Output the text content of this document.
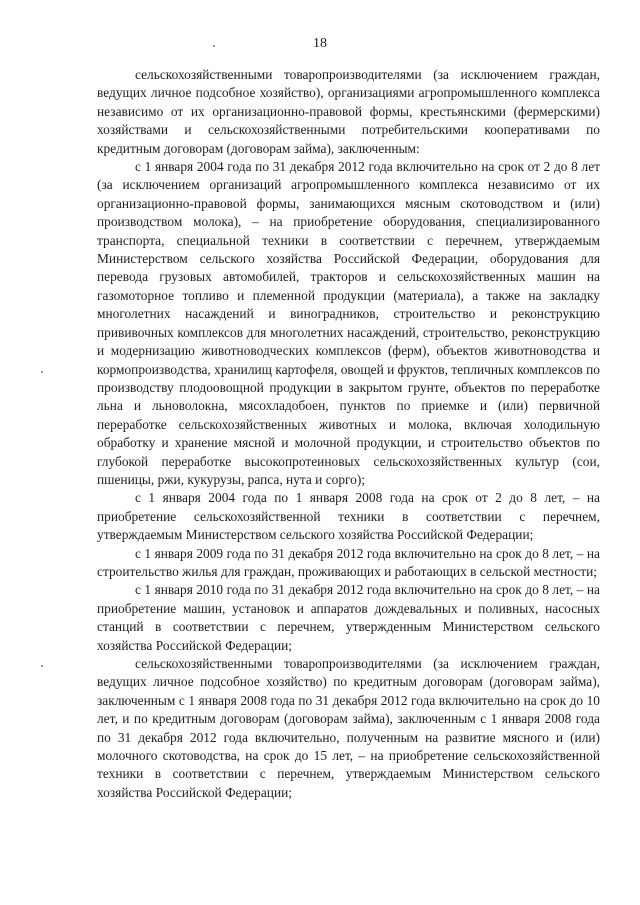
18

сельскохозяйственными товаропроизводителями (за исключением граждан, ведущих личное подсобное хозяйство), организациями агропромышленного комплекса независимо от их организационно-правовой формы, крестьянскими (фермерскими) хозяйствами и сельскохозяйственными потребительскими кооперативами по кредитным договорам (договорам займа), заключенным:

с 1 января 2004 года по 31 декабря 2012 года включительно на срок от 2 до 8 лет (за исключением организаций агропромышленного комплекса независимо от их организационно-правовой формы, занимающихся мясным скотоводством и (или) производством молока), – на приобретение оборудования, специализированного транспорта, специальной техники в соответствии с перечнем, утверждаемым Министерством сельского хозяйства Российской Федерации, оборудования для перевода грузовых автомобилей, тракторов и сельскохозяйственных машин на газомоторное топливо и племенной продукции (материала), а также на закладку многолетних насаждений и виноградников, строительство и реконструкцию прививочных комплексов для многолетних насаждений, строительство, реконструкцию и модернизацию животноводческих комплексов (ферм), объектов животноводства и кормопроизводства, хранилищ картофеля, овощей и фруктов, тепличных комплексов по производству плодоовощной продукции в закрытом грунте, объектов по переработке льна и льноволокна, мясохладобоен, пунктов по приемке и (или) первичной переработке сельскохозяйственных животных и молока, включая холодильную обработку и хранение мясной и молочной продукции, и строительство объектов по глубокой переработке высокопротеиновых сельскохозяйственных культур (сои, пшеницы, ржи, кукурузы, рапса, нута и сорго);

с 1 января 2004 года по 1 января 2008 года на срок от 2 до 8 лет, – на приобретение сельскохозяйственной техники в соответствии с перечнем, утверждаемым Министерством сельского хозяйства Российской Федерации;

с 1 января 2009 года по 31 декабря 2012 года включительно на срок до 8 лет, – на строительство жилья для граждан, проживающих и работающих в сельской местности;

с 1 января 2010 года по 31 декабря 2012 года включительно на срок до 8 лет, – на приобретение машин, установок и аппаратов дождевальных и поливных, насосных станций в соответствии с перечнем, утвержденным Министерством сельского хозяйства Российской Федерации;

сельскохозяйственными товаропроизводителями (за исключением граждан, ведущих личное подсобное хозяйство) по кредитным договорам (договорам займа), заключенным с 1 января 2008 года по 31 декабря 2012 года включительно на срок до 10 лет, и по кредитным договорам (договорам займа), заключенным с 1 января 2008 года по 31 декабря 2012 года включительно, полученным на развитие мясного и (или) молочного скотоводства, на срок до 15 лет, – на приобретение сельскохозяйственной техники в соответствии с перечнем, утверждаемым Министерством сельского хозяйства Российской Федерации;
